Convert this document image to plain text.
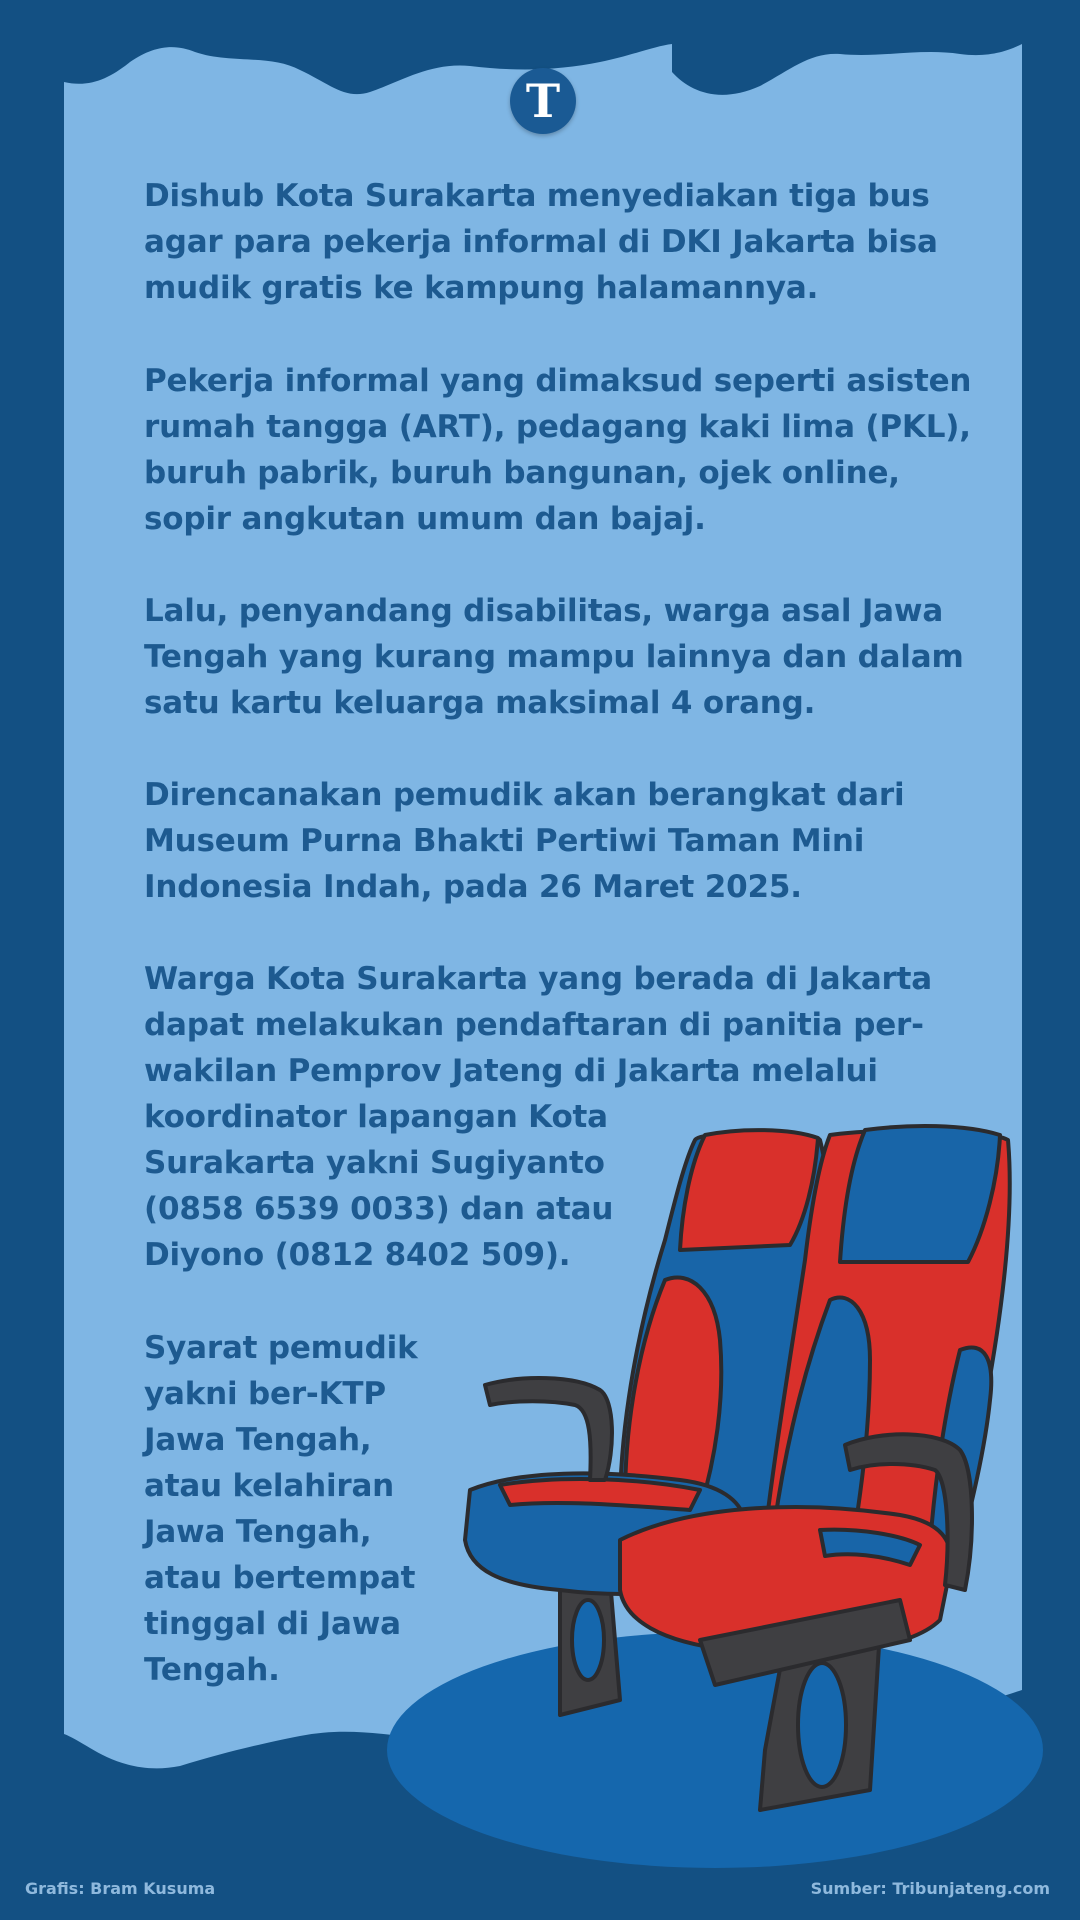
T

Dishub Kota Surakarta menyediakan tiga bus
agar para pekerja informal di DKI Jakarta bisa
mudik gratis ke kampung halamannya.

Pekerja informal yang dimaksud seperti asisten
rumah tangga (ART), pedagang kaki lima (PKL),
buruh pabrik, buruh bangunan, ojek online,
sopir angkutan umum dan bajaj.

Lalu, penyandang disabilitas, warga asal Jawa
Tengah yang kurang mampu lainnya dan dalam
satu kartu keluarga maksimal 4 orang.

Direncanakan pemudik akan berangkat dari
Museum Purna Bhakti Pertiwi Taman Mini
Indonesia Indah, pada 26 Maret 2025.

Warga Kota Surakarta yang berada di Jakarta
dapat melakukan pendaftaran di panitia per-
wakilan Pemprov Jateng di Jakarta melalui
koordinator lapangan Kota
Surakarta yakni Sugiyanto
(0858 6539 0033) dan atau
Diyono (0812 8402 509).

Syarat pemudik
yakni ber-KTP
Jawa Tengah,
atau kelahiran
Jawa Tengah,
atau bertempat
tinggal di Jawa
Tengah.

Grafis: Bram Kusuma	Sumber: Tribunjateng.com
